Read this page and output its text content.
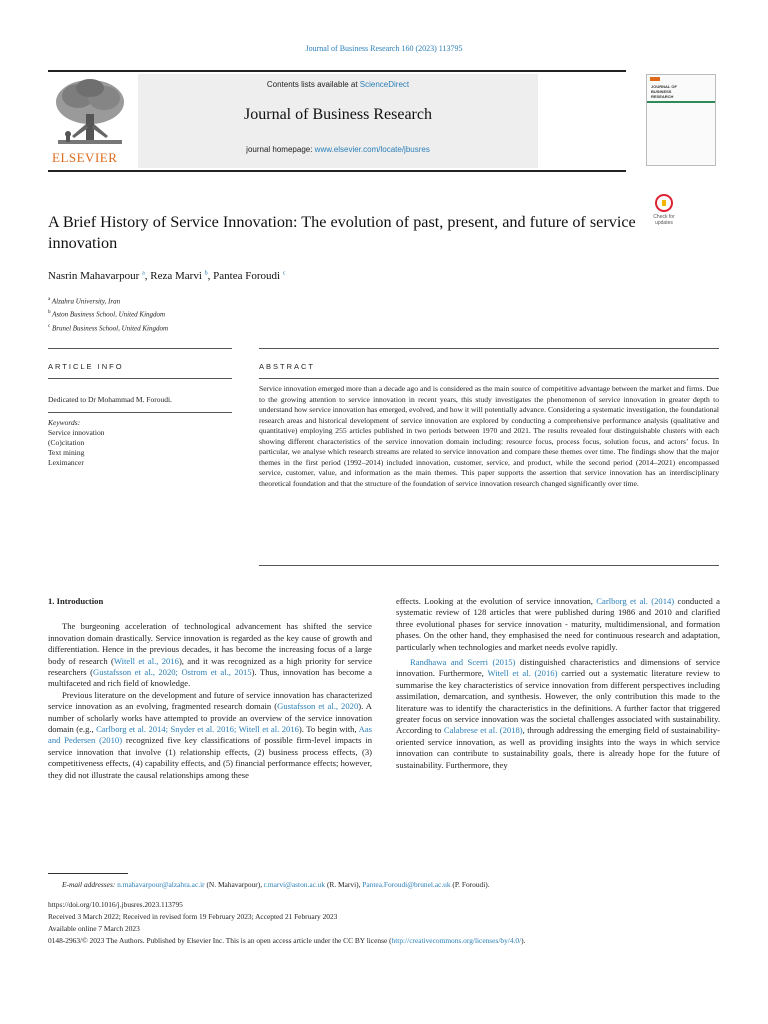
Journal of Business Research 160 (2023) 113795
ELSEVIER
Contents lists available at ScienceDirect
Journal of Business Research
journal homepage: www.elsevier.com/locate/jbusres
JOURNAL OF BUSINESS RESEARCH
Check for updates
A Brief History of Service Innovation: The evolution of past, present, and future of service innovation
Nasrin Mahavarpour $^a$, Reza Marvi $^b$, Pantea Foroudi $^c$
$^a$ Alzahra University, Iran
$^b$ Aston Business School, United Kingdom
$^c$ Brunel Business School, United Kingdom
ARTICLE INFO	ABSTRACT
Dedicated to Dr Mohammad M. Foroudi.
Keywords:
Service innovation
(Co)citation
Text mining
Leximancer
Service innovation emerged more than a decade ago and is considered as the main source of competitive advantage between the market and firms. Due to the growing attention to service innovation in recent years, this study investigates the phenomenon of service innovation in greater depth to understand how service innovation has emerged, evolved, and how it will potentially advance. Considering a systematic investigation, the foundational research areas and historical development of service innovation are explored by conducting a comprehensive performance analysis (qualitative and quantitative) employing 255 articles published in two periods between 1970 and 2021. The results revealed four distinguishable clusters with each showing different characteristics of the service innovation domain including: resource focus, process focus, solution focus, and actors’ focus. In particular, we analyse which research streams are related to service innovation and compare these themes over time. The findings show that the major themes in the first period (1992–2014) included innovation, customer, service, and product, while the second period (2014–2021) encompassed service, customer, value, and information as the main themes. This paper supports the assertion that service innovation has an interdisciplinary theoretical foundation and that the structure of the foundation of service innovation research changed significantly over time.

1. Introduction

The burgeoning acceleration of technological advancement has shifted the service innovation domain drastically. Service innovation is regarded as the key cause of growth and differentiation. Hence in the previous decades, it has become the increasing focus of a large body of research (Witell et al., 2016), and it was recognized as a high priority for service researchers (Gustafsson et al., 2020; Ostrom et al., 2015). Thus, innovation has become a multifaceted and rich field of knowledge.

Previous literature on the development and future of service innovation has characterized service innovation as an evolving, fragmented research domain (Gustafsson et al., 2020). A number of scholarly works have attempted to provide an overview of the service innovation domain (e.g., Carlborg et al. 2014; Snyder et al. 2016; Witell et al. 2016). To begin with, Aas and Pedersen (2010) recognized five key classifications of possible firm-level impacts in service innovation that involve (1) relationship effects, (2) business process effects, (3) competitiveness effects, (4) capability effects, and (5) financial performance effects; however, they did not illustrate the causal relationships among these

effects. Looking at the evolution of service innovation, Carlborg et al. (2014) conducted a systematic review of 128 articles that were published during 1986 and 2010 and clarified three evolutional phases for service innovation - maturity, multidimensional, and formation phases. On the other hand, they emphasised the need for continuous research and adaptation, particularly when technologies and market needs evolve rapidly.

Randhawa and Scerri (2015) distinguished characteristics and dimensions of service innovation. Furthermore, Witell et al. (2016) carried out a systematic literature review to summarise the key characteristics of service innovation from different perspectives including assimilation, demarcation, and synthesis. However, the only contribution this made to the literature was to identify the characteristics in the definitions. A further factor that triggered greater focus on service innovation was the societal challenges associated with sustainability. According to Calabrese et al. (2018), through addressing the emerging field of sustainability-oriented service innovation, as well as providing insights into the ways in which service innovation can contribute to sustainability goals, there is already hope for the future of sustainability. Furthermore, they

E-mail addresses: n.mahavarpour@alzahra.ac.ir (N. Mahavarpour), r.marvi@aston.ac.uk (R. Marvi), Pantea.Foroudi@brunel.ac.uk (P. Foroudi).
https://doi.org/10.1016/j.jbusres.2023.113795
Received 3 March 2022; Received in revised form 19 February 2023; Accepted 21 February 2023
Available online 7 March 2023
0148-2963/© 2023 The Authors. Published by Elsevier Inc. This is an open access article under the CC BY license (http://creativecommons.org/licenses/by/4.0/).
